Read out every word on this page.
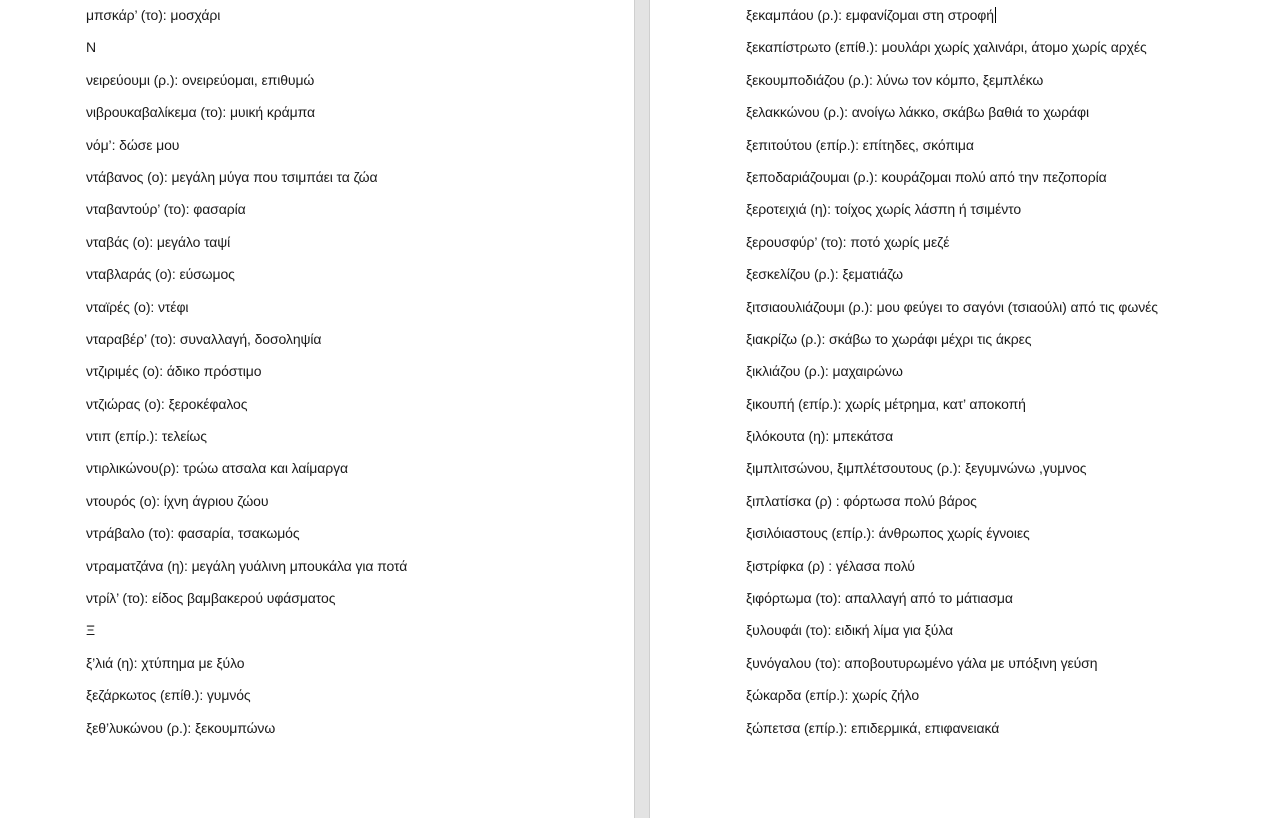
μπσκάρ’ (το): μοσχάρι
Ν
νειρεύουμι (ρ.): ονειρεύομαι, επιθυμώ
νιβρουκαβαλίκεμα (το): μυική κράμπα
νόμ’: δώσε μου
ντάβανος (ο): μεγάλη μύγα που τσιμπάει τα ζώα
νταβαντούρ’ (το): φασαρία
νταβάς (ο): μεγάλο ταψί
νταβλαράς (ο): εύσωμος
νταϊρές (ο): ντέφι
νταραβέρ’ (το): συναλλαγή, δοσοληψία
ντζιριμές (ο): άδικο πρόστιμο
ντζιώρας (ο): ξεροκέφαλος
ντιπ (επίρ.): τελείως
ντιρλικώνου(ρ): τρώω ατσαλα και λαίμαργα
ντουρός (ο): ίχνη άγριου ζώου
ντράβαλο (το): φασαρία, τσακωμός
ντραματζάνα (η): μεγάλη γυάλινη μπουκάλα για ποτά
ντρίλ’ (το): είδος βαμβακερού υφάσματος
Ξ
ξ’λιά (η): χτύπημα με ξύλο
ξεζάρκωτος (επίθ.): γυμνός
ξεθ’λυκώνου (ρ.): ξεκουμπώνω
ξεκαμπάου (ρ.): εμφανίζομαι στη στροφή
ξεκαπίστρωτο (επίθ.): μουλάρι χωρίς χαλινάρι, άτομο χωρίς αρχές
ξεκουμποδιάζου (ρ.): λύνω τον κόμπο, ξεμπλέκω
ξελακκώνου (ρ.): ανοίγω λάκκο, σκάβω βαθιά το χωράφι
ξεπιτούτου (επίρ.): επίτηδες, σκόπιμα
ξεποδαριάζουμαι (ρ.): κουράζομαι πολύ από την πεζοπορία
ξεροτειχιά (η): τοίχος χωρίς λάσπη ή τσιμέντο
ξερουσφύρ’ (το): ποτό χωρίς μεζέ
ξεσκελίζου (ρ.): ξεματιάζω
ξιτσιαουλιάζουμι (ρ.): μου φεύγει το σαγόνι (τσιαούλι) από τις φωνές
ξιακρίζω (ρ.): σκάβω το χωράφι μέχρι τις άκρες
ξικλιάζου (ρ.): μαχαιρώνω
ξικουπή (επίρ.): χωρίς μέτρημα, κατ’ αποκοπή
ξιλόκουτα (η): μπεκάτσα
ξιμπλιτσώνου, ξιμπλέτσουτους (ρ.): ξεγυμνώνω ,γυμνος
ξιπλατίσκα (ρ) : φόρτωσα πολύ βάρος
ξισιλόιαστους (επίρ.): άνθρωπος χωρίς έγνοιες
ξιστρίφκα (ρ) : γέλασα πολύ
ξιφόρτωμα (το): απαλλαγή από το μάτιασμα
ξυλουφάι (το): ειδική λίμα για ξύλα
ξυνόγαλου (το): αποβουτυρωμένο γάλα με υπόξινη γεύση
ξώκαρδα (επίρ.): χωρίς ζήλο
ξώπετσα (επίρ.): επιδερμικά, επιφανειακά
